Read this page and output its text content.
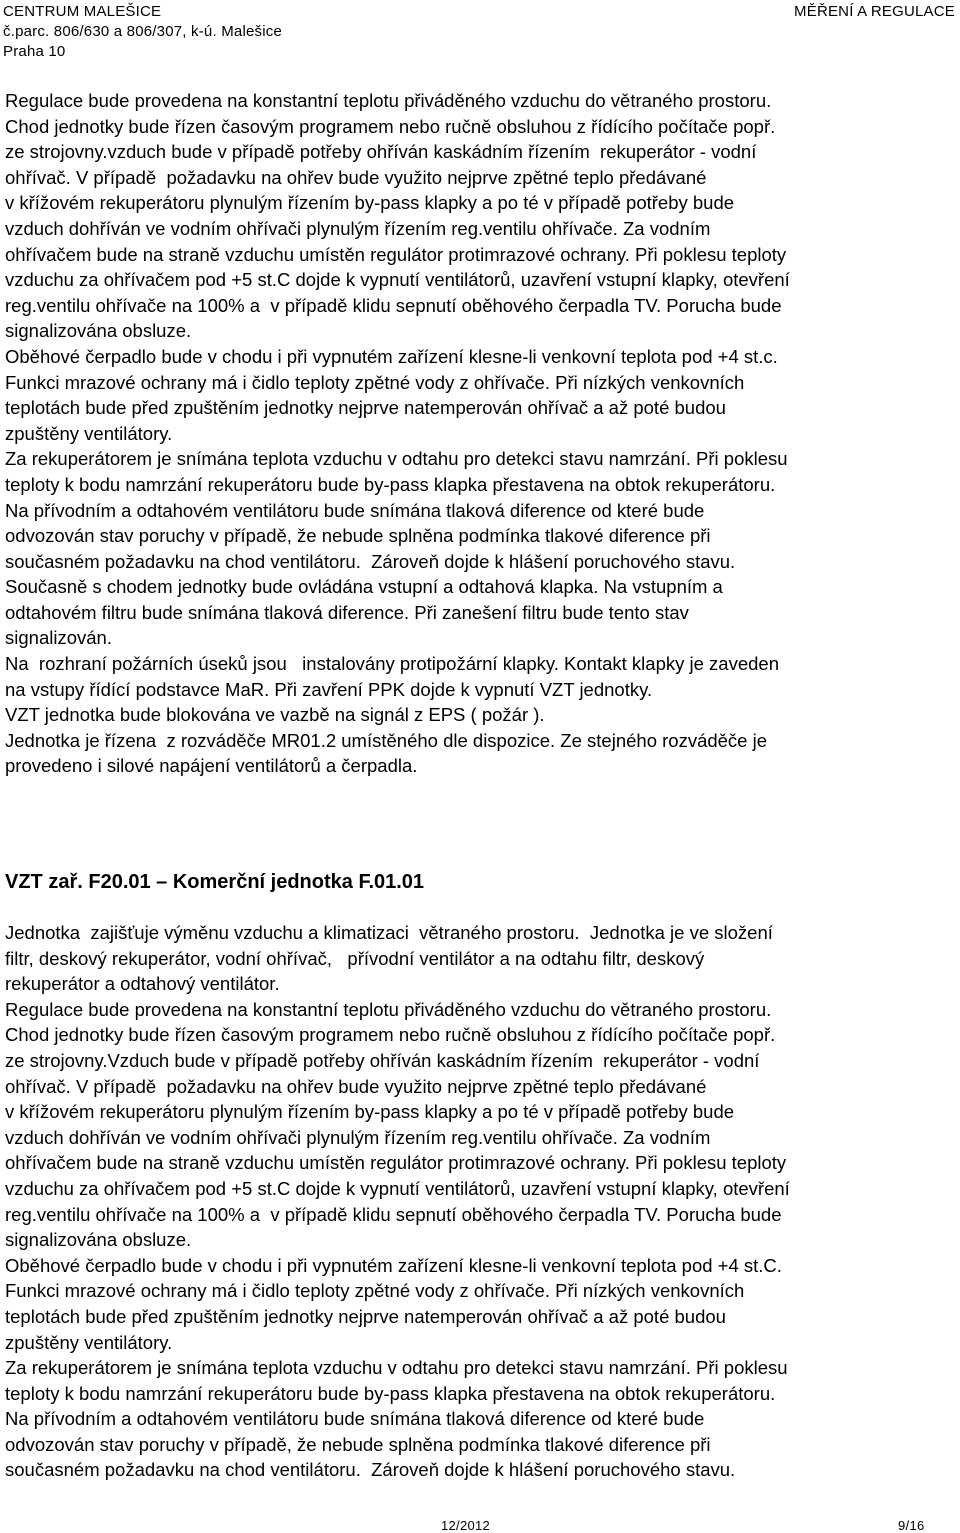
CENTRUM MALEŠICE	MĚŘENÍ A REGULACE
č.parc. 806/630 a 806/307, k-ú. Malešice
Praha 10

Regulace bude provedena na konstantní teplotu přiváděného vzduchu do větraného prostoru.

Chod jednotky bude řízen časovým programem nebo ručně obsluhou z řídícího počítače popř.

ze strojovny.vzduch bude v případě potřeby ohříván kaskádním řízením  rekuperátor - vodní

ohřívač. V případě  požadavku na ohřev bude využito nejprve zpětné teplo předávané

v křížovém rekuperátoru plynulým řízením by-pass klapky a po té v případě potřeby bude

vzduch dohříván ve vodním ohřívači plynulým řízením reg.ventilu ohřívače. Za vodním

ohřívačem bude na straně vzduchu umístěn regulátor protimrazové ochrany. Při poklesu teploty

vzduchu za ohřívačem pod +5 st.C dojde k vypnutí ventilátorů, uzavření vstupní klapky, otevření

reg.ventilu ohřívače na 100% a  v případě klidu sepnutí oběhového čerpadla TV. Porucha bude

signalizována obsluze.

Oběhové čerpadlo bude v chodu i při vypnutém zařízení klesne-li venkovní teplota pod +4 st.c.

Funkci mrazové ochrany má i čidlo teploty zpětné vody z ohřívače. Při nízkých venkovních

teplotách bude před zpuštěním jednotky nejprve natemperován ohřívač a až poté budou

zpuštěny ventilátory.

Za rekuperátorem je snímána teplota vzduchu v odtahu pro detekci stavu namrzání. Při poklesu

teploty k bodu namrzání rekuperátoru bude by-pass klapka přestavena na obtok rekuperátoru.

Na přívodním a odtahovém ventilátoru bude snímána tlaková diference od které bude

odvozován stav poruchy v případě, že nebude splněna podmínka tlakové diference při

současném požadavku na chod ventilátoru.  Zároveň dojde k hlášení poruchového stavu.

Současně s chodem jednotky bude ovládána vstupní a odtahová klapka. Na vstupním a

odtahovém filtru bude snímána tlaková diference. Při zanešení filtru bude tento stav

signalizován.

Na  rozhraní požárních úseků jsou   instalovány protipožární klapky. Kontakt klapky je zaveden

na vstupy řídící podstavce MaR. Při zavření PPK dojde k vypnutí VZT jednotky.

VZT jednotka bude blokována ve vazbě na signál z EPS ( požár ).

Jednotka je řízena  z rozváděče MR01.2 umístěného dle dispozice. Ze stejného rozváděče je

provedeno i silové napájení ventilátorů a čerpadla.

VZT zař. F20.01 – Komerční jednotka F.01.01

Jednotka  zajišťuje výměnu vzduchu a klimatizaci  větraného prostoru.  Jednotka je ve složení

filtr, deskový rekuperátor, vodní ohřívač,   přívodní ventilátor a na odtahu filtr, deskový

rekuperátor a odtahový ventilátor.

Regulace bude provedena na konstantní teplotu přiváděného vzduchu do větraného prostoru.

Chod jednotky bude řízen časovým programem nebo ručně obsluhou z řídícího počítače popř.

ze strojovny.Vzduch bude v případě potřeby ohříván kaskádním řízením  rekuperátor - vodní

ohřívač. V případě  požadavku na ohřev bude využito nejprve zpětné teplo předávané

v křížovém rekuperátoru plynulým řízením by-pass klapky a po té v případě potřeby bude

vzduch dohříván ve vodním ohřívači plynulým řízením reg.ventilu ohřívače. Za vodním

ohřívačem bude na straně vzduchu umístěn regulátor protimrazové ochrany. Při poklesu teploty

vzduchu za ohřívačem pod +5 st.C dojde k vypnutí ventilátorů, uzavření vstupní klapky, otevření

reg.ventilu ohřívače na 100% a  v případě klidu sepnutí oběhového čerpadla TV. Porucha bude

signalizována obsluze.

Oběhové čerpadlo bude v chodu i při vypnutém zařízení klesne-li venkovní teplota pod +4 st.C.

Funkci mrazové ochrany má i čidlo teploty zpětné vody z ohřívače. Při nízkých venkovních

teplotách bude před zpuštěním jednotky nejprve natemperován ohřívač a až poté budou

zpuštěny ventilátory.

Za rekuperátorem je snímána teplota vzduchu v odtahu pro detekci stavu namrzání. Při poklesu

teploty k bodu namrzání rekuperátoru bude by-pass klapka přestavena na obtok rekuperátoru.

Na přívodním a odtahovém ventilátoru bude snímána tlaková diference od které bude

odvozován stav poruchy v případě, že nebude splněna podmínka tlakové diference při

současném požadavku na chod ventilátoru.  Zároveň dojde k hlášení poruchového stavu.

12/2012	9/16
